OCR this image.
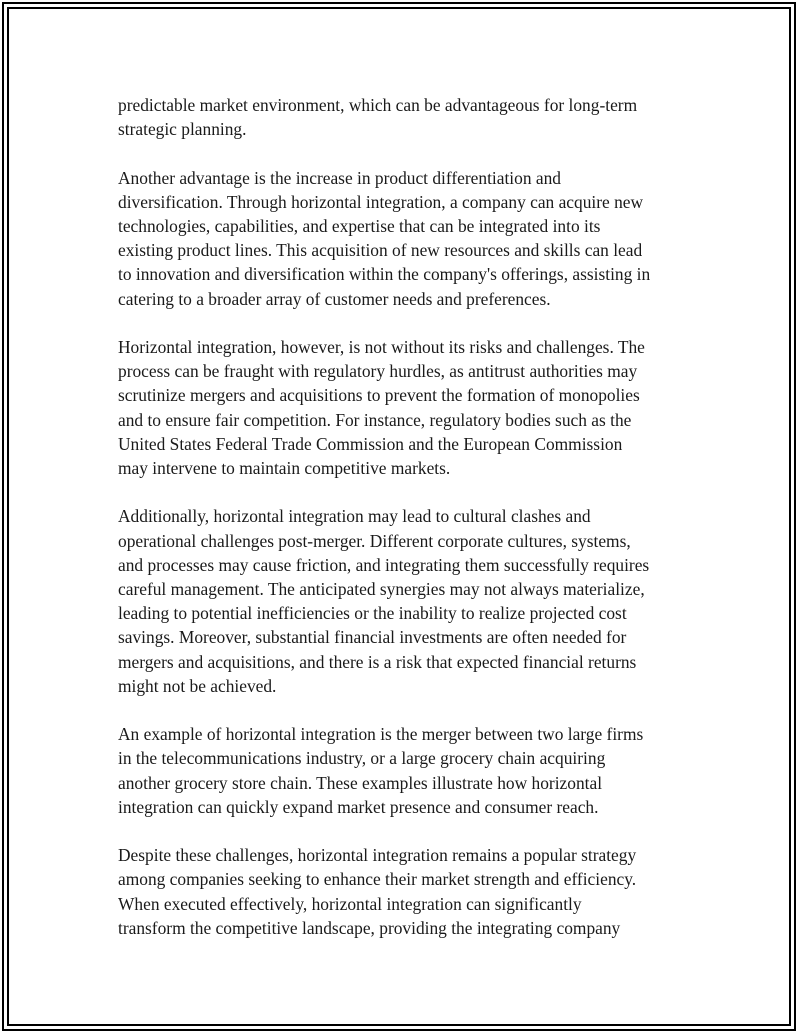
predictable market environment, which can be advantageous for long-term
strategic planning.

Another advantage is the increase in product differentiation and
diversification. Through horizontal integration, a company can acquire new
technologies, capabilities, and expertise that can be integrated into its
existing product lines. This acquisition of new resources and skills can lead
to innovation and diversification within the company's offerings, assisting in
catering to a broader array of customer needs and preferences.

Horizontal integration, however, is not without its risks and challenges. The
process can be fraught with regulatory hurdles, as antitrust authorities may
scrutinize mergers and acquisitions to prevent the formation of monopolies
and to ensure fair competition. For instance, regulatory bodies such as the
United States Federal Trade Commission and the European Commission
may intervene to maintain competitive markets.

Additionally, horizontal integration may lead to cultural clashes and
operational challenges post-merger. Different corporate cultures, systems,
and processes may cause friction, and integrating them successfully requires
careful management. The anticipated synergies may not always materialize,
leading to potential inefficiencies or the inability to realize projected cost
savings. Moreover, substantial financial investments are often needed for
mergers and acquisitions, and there is a risk that expected financial returns
might not be achieved.

An example of horizontal integration is the merger between two large firms
in the telecommunications industry, or a large grocery chain acquiring
another grocery store chain. These examples illustrate how horizontal
integration can quickly expand market presence and consumer reach.

Despite these challenges, horizontal integration remains a popular strategy
among companies seeking to enhance their market strength and efficiency.
When executed effectively, horizontal integration can significantly
transform the competitive landscape, providing the integrating company
